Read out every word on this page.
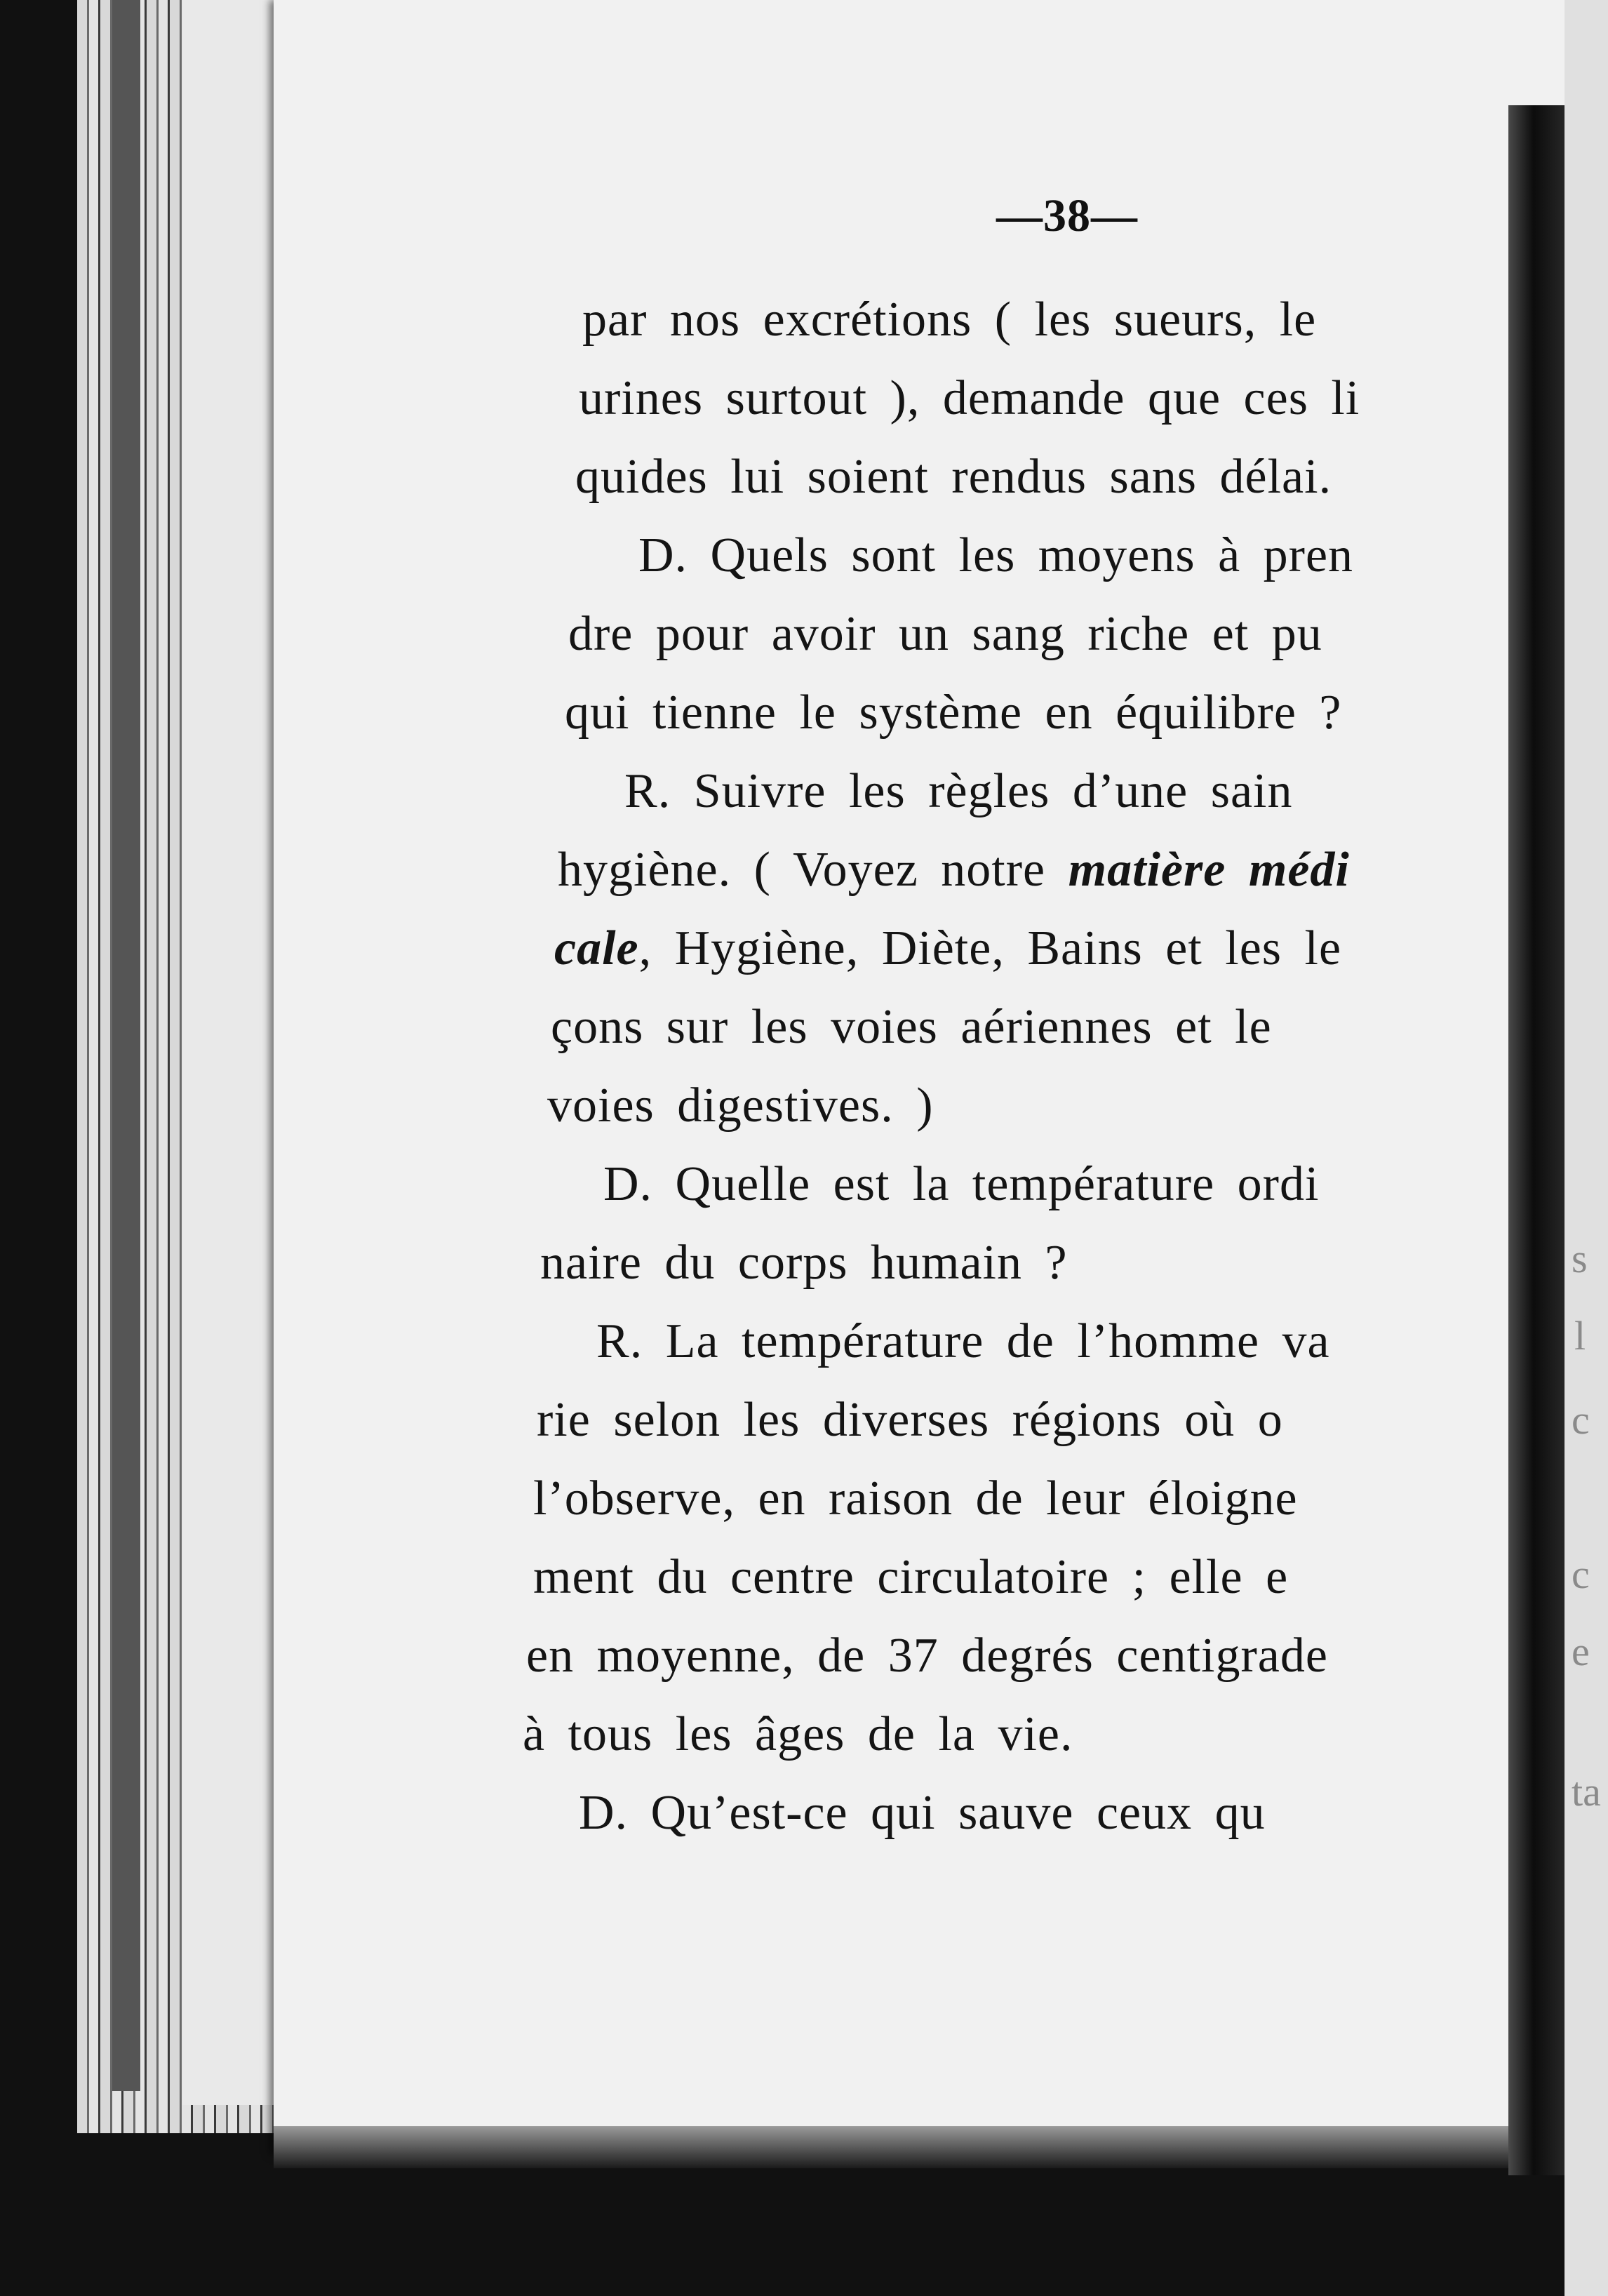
s
l
c
c
e
ta
—38—
par nos excrétions ( les sueurs, le
urines surtout ), demande que ces li
quides lui soient rendus sans délai.
D. Quels sont les moyens à pren
dre pour avoir un sang riche et pu
qui tienne le système en équilibre ?
R. Suivre les règles d’une sain
hygiène. ( Voyez notre matière médi
cale, Hygiène, Diète, Bains et les le
çons sur les voies aériennes et le
voies digestives. )
D. Quelle est la température ordi
naire du corps humain ?
R. La température de l’homme va
rie selon les diverses régions où o
l’observe, en raison de leur éloigne
ment du centre circulatoire ; elle e
en moyenne, de 37 degrés centigrade
à tous les âges de la vie.
D. Qu’est-ce qui sauve ceux qu
